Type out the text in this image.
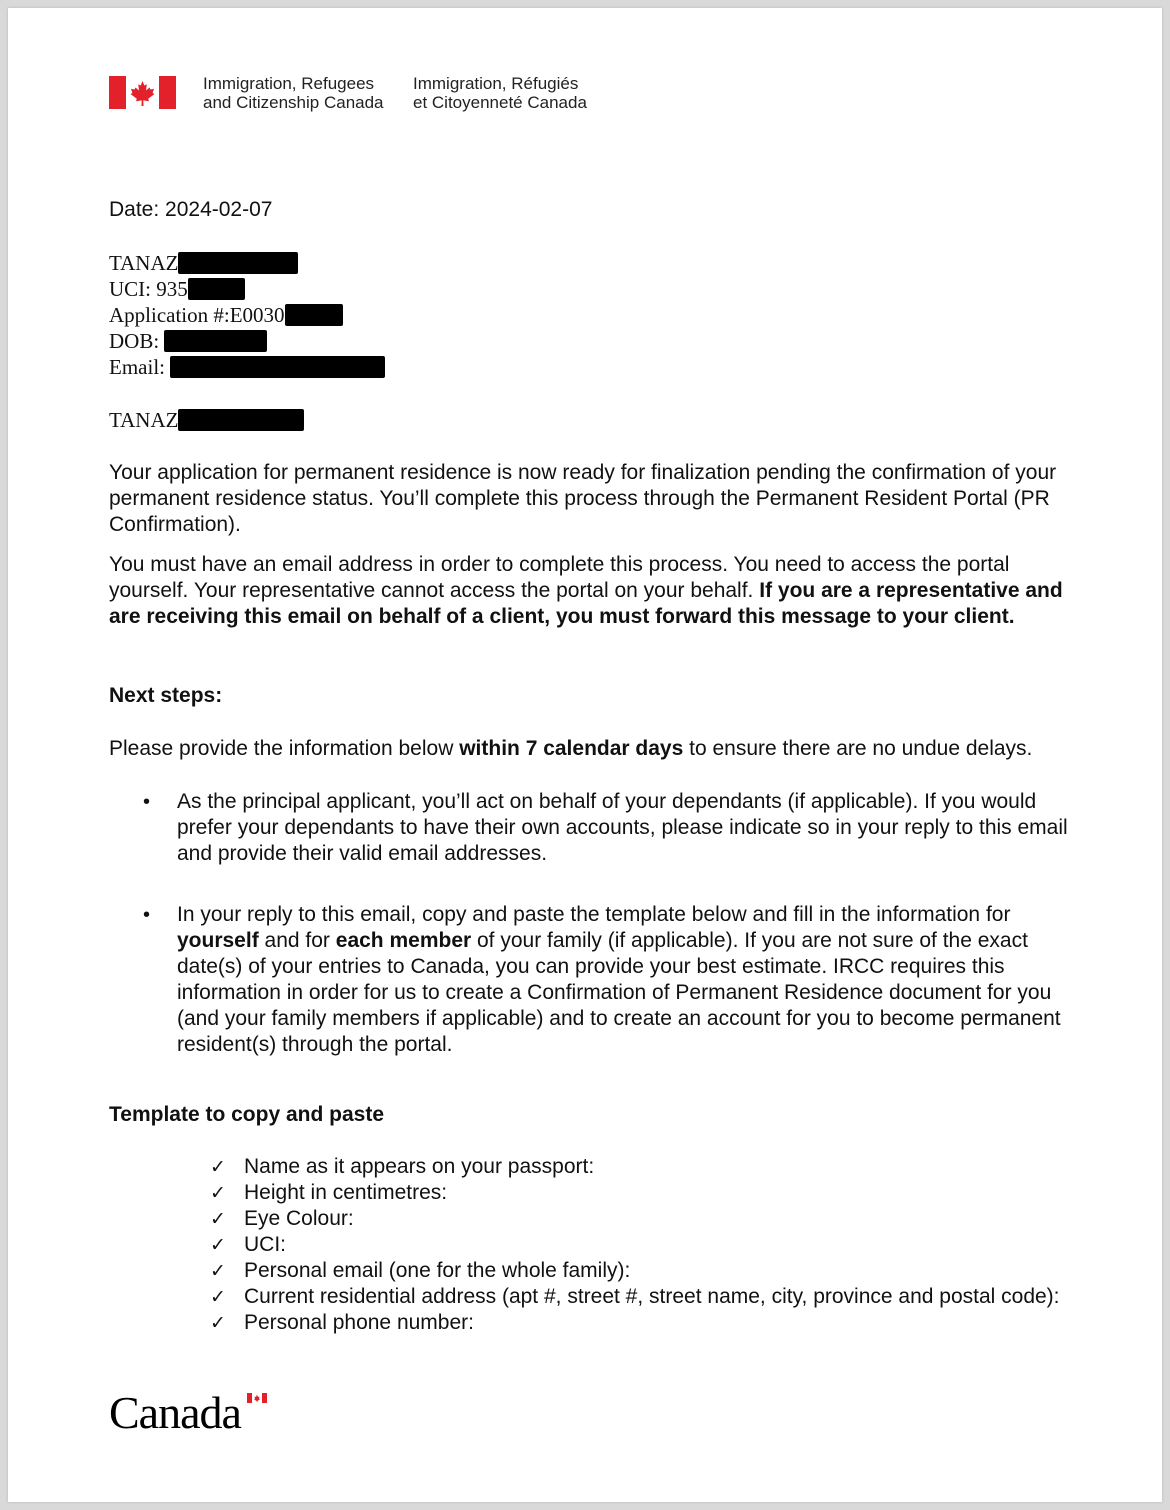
Immigration, Refugees
and Citizenship Canada
Immigration, Réfugiés
et Citoyenneté Canada
Date: 2024-02-07
TANAZ
UCI: 935
Application #:E0030
DOB:
Email:
TANAZ
Your application for permanent residence is now ready for finalization pending the confirmation of your permanent residence status. You’ll complete this process through the Permanent Resident Portal (PR Confirmation).
You must have an email address in order to complete this process. You need to access the portal yourself. Your representative cannot access the portal on your behalf. If you are a representative and are receiving this email on behalf of a client, you must forward this message to your client.
Next steps:
Please provide the information below within 7 calendar days to ensure there are no undue delays.
• As the principal applicant, you’ll act on behalf of your dependants (if applicable). If you would prefer your dependants to have their own accounts, please indicate so in your reply to this email and provide their valid email addresses.
• In your reply to this email, copy and paste the template below and fill in the information for yourself and for each member of your family (if applicable). If you are not sure of the exact date(s) of your entries to Canada, you can provide your best estimate. IRCC requires this information in order for us to create a Confirmation of Permanent Residence document for you (and your family members if applicable) and to create an account for you to become permanent resident(s) through the portal.
Template to copy and paste
✓ Name as it appears on your passport:
✓ Height in centimetres:
✓ Eye Colour:
✓ UCI:
✓ Personal email (one for the whole family):
✓ Current residential address (apt #, street #, street name, city, province and postal code):
✓ Personal phone number:
Canada
